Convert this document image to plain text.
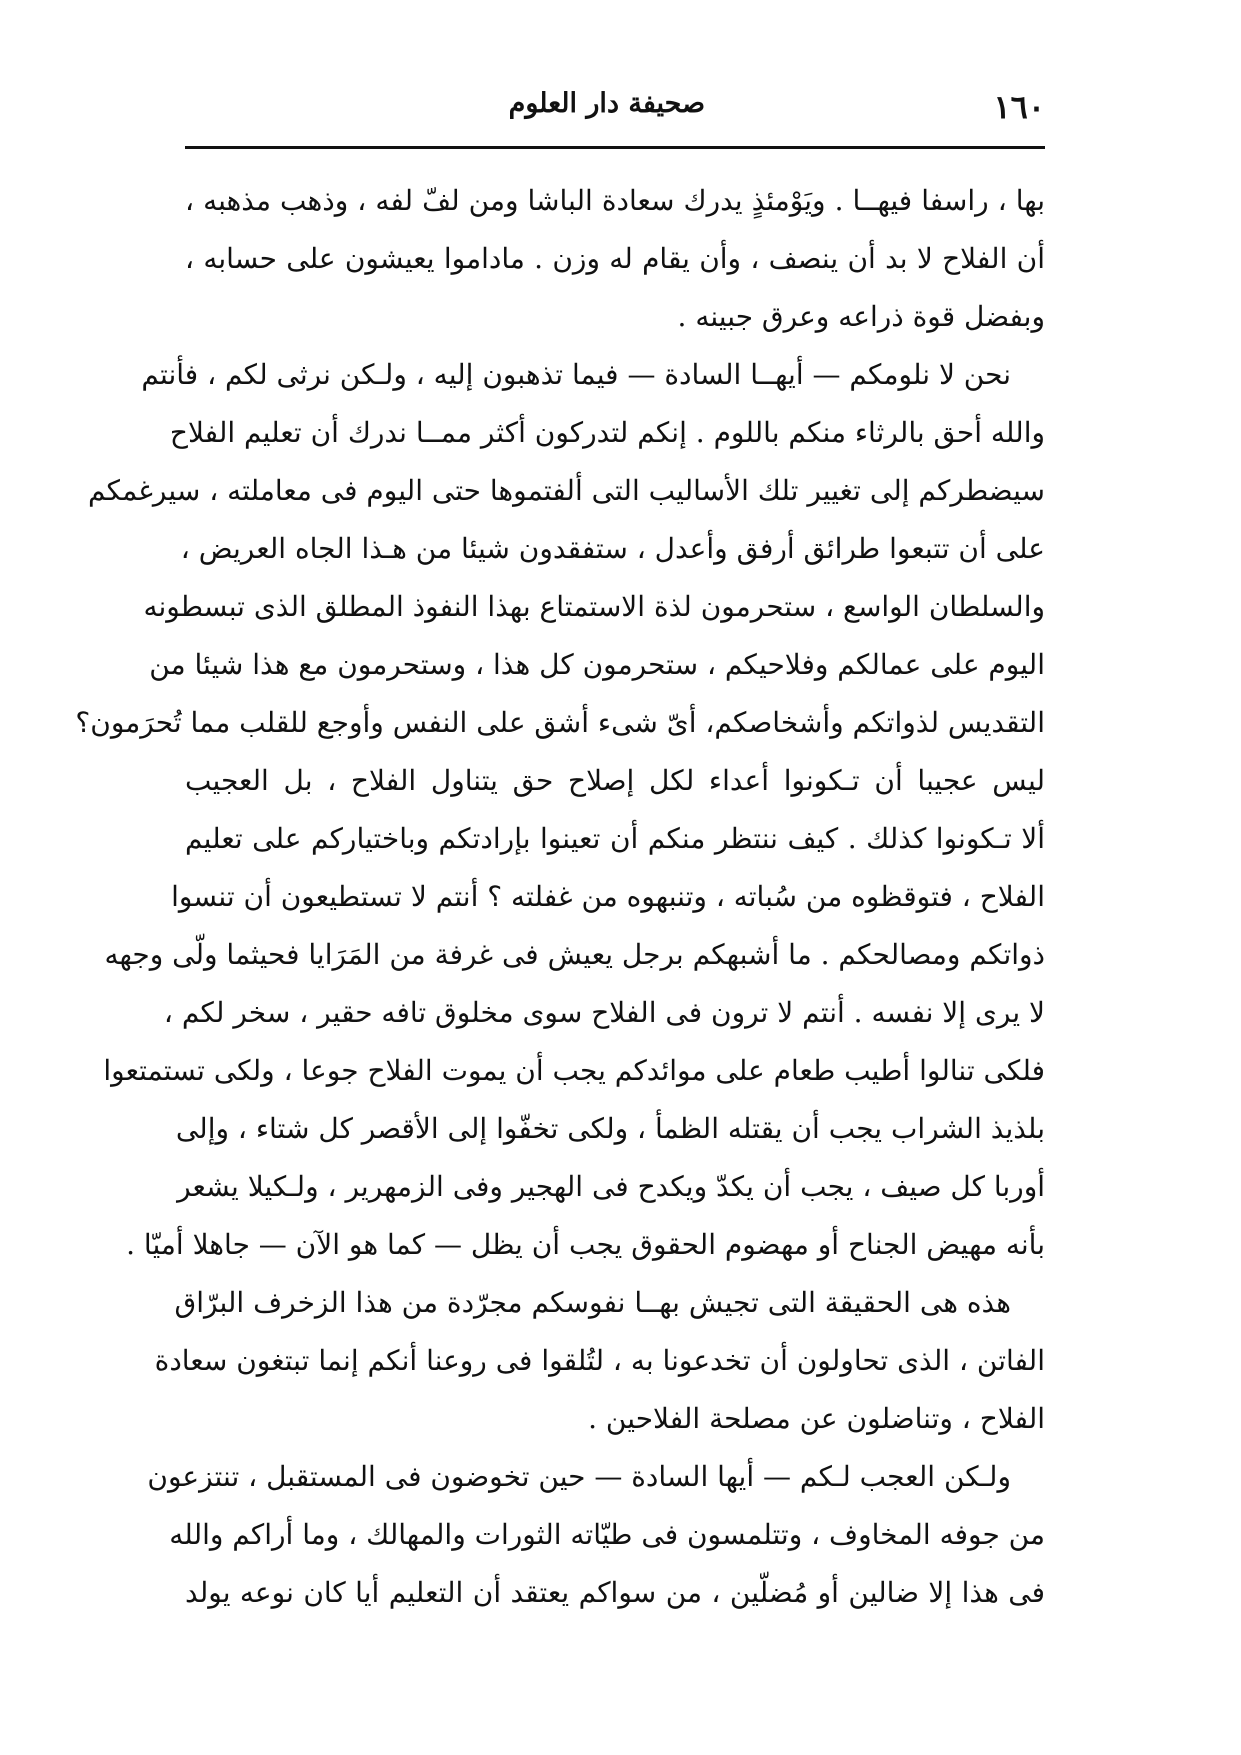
١٦٠
صحيفة دار العلوم
بها ، راسفا فيهــا . ويَوْمئذٍ يدرك سعادة الباشا ومن لفّ لفه ، وذهب مذهبه ،
أن الفلاح لا بد أن ينصف ، وأن يقام له وزن . ماداموا يعيشون على حسابه ،
وبفضل قوة ذراعه وعرق جبينه .
نحن لا نلومكم — أيهــا السادة — فيما تذهبون إليه ، ولـكن نرثى لكم ، فأنتم
والله أحق بالرثاء منكم باللوم . إنكم لتدركون أكثر ممــا ندرك أن تعليم الفلاح
سيضطركم إلى تغيير تلك الأساليب التى ألفتموها حتى اليوم فى معاملته ، سيرغمكم
على أن تتبعوا طرائق أرفق وأعدل ، ستفقدون شيئا من هـذا الجاه العريض ،
والسلطان الواسع ، ستحرمون لذة الاستمتاع بهذا النفوذ المطلق الذى تبسطونه
اليوم على عمالكم وفلاحيكم ، ستحرمون كل هذا ، وستحرمون مع هذا شيئا من
التقديس لذواتكم وأشخاصكم، أىّ شىء أشق على النفس وأوجع للقلب مما تُحرَمون؟
ليس عجيبا أن تـكونوا أعداء لكل إصلاح حق يتناول الفلاح ، بل العجيب
ألا تـكونوا كذلك . كيف ننتظر منكم أن تعينوا بإرادتكم وباختياركم على تعليم
الفلاح ، فتوقظوه من سُباته ، وتنبهوه من غفلته ؟ أنتم لا تستطيعون أن تنسوا
ذواتكم ومصالحكم . ما أشبهكم برجل يعيش فى غرفة من المَرَايا فحيثما ولّى وجهه
لا يرى إلا نفسه . أنتم لا ترون فى الفلاح سوى مخلوق تافه حقير ، سخر لكم ،
فلكى تنالوا أطيب طعام على موائدكم يجب أن يموت الفلاح جوعا ، ولكى تستمتعوا
بلذيذ الشراب يجب أن يقتله الظمأ ، ولكى تخفّوا إلى الأقصر كل شتاء ، وإلى
أوربا كل صيف ، يجب أن يكدّ ويكدح فى الهجير وفى الزمهرير ، ولـكيلا يشعر
بأنه مهيض الجناح أو مهضوم الحقوق يجب أن يظل — كما هو الآن — جاهلا أميّا .
هذه هى الحقيقة التى تجيش بهــا نفوسكم مجرّدة من هذا الزخرف البرّاق
الفاتن ، الذى تحاولون أن تخدعونا به ، لتُلقوا فى روعنا أنكم إنما تبتغون سعادة
الفلاح ، وتناضلون عن مصلحة الفلاحين .
ولـكن العجب لـكم — أيها السادة — حين تخوضون فى المستقبل ، تنتزعون
من جوفه المخاوف ، وتتلمسون فى طيّاته الثورات والمهالك ، وما أراكم والله
فى هذا إلا ضالين أو مُضلّين ، من سواكم يعتقد أن التعليم أيا كان نوعه يولد
